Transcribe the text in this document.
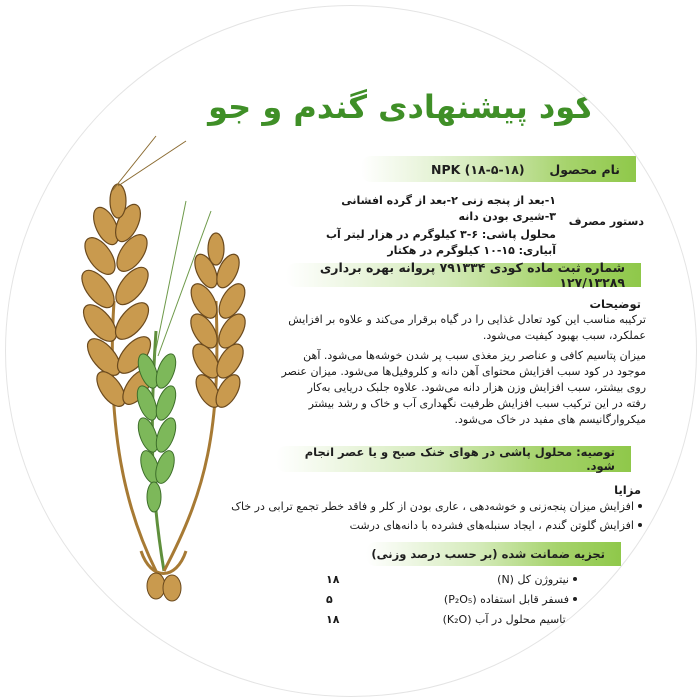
کود پیشنهادی گندم و جو
نام محصول
NPK (۱۸-۵-۱۸)
۱-بعد از پنجه زنی ۲-بعد از گرده افشانی
۳-شیری بودن دانه	دستور مصرف
محلول پاشی: ۶-۳ کیلوگرم در هزار لیتر آب
آبیاری: ۱۵-۱۰ کیلوگرم در هکتار
شماره ثبت ماده کودی ۷۹۱۳۳۴ پروانه بهره برداری ۱۲۷/۱۳۲۸۹
توضیحات
ترکیبه مناسب این کود تعادل غذایی را در گیاه برقرار می‌کند و علاوه بر افزایش
عملکرد، سبب بهبود کیفیت می‌شود.
میزان پتاسیم کافی و عناصر ریز مغذی سبب پر شدن خوشه‌ها می‌شود. آهن
موجود در کود سبب افزایش محتوای آهن دانه و کلروفیل‌ها می‌شود. میزان عنصر
روی بیشتر، سبب افزایش وزن هزار دانه می‌شود. علاوه جلبک دریایی به‌کار
رفته در این ترکیب سبب افزایش ظرفیت نگهداری آب و خاک و رشد بیشتر
میکروارگانیسم های مفید در خاک می‌شود.
توصیه: محلول پاشی در هوای خنک صبح و یا عصر انجام شود.
مزایا
افزایش میزان پنجه‌زنی و خوشه‌دهی ، عاری بودن از کلر و فاقد خطر تجمع ترابی در خاک
افزایش گلوتن گندم ، ایجاد سنبله‌های فشرده با دانه‌های درشت
تجزیه ضمانت شده (بر حسب درصد وزنی)
نیتروژن کل (N)
۱۸
فسفر قابل استفاده (P₂O₅)
۵
پتاسیم محلول در آب (K₂O)
۱۸
